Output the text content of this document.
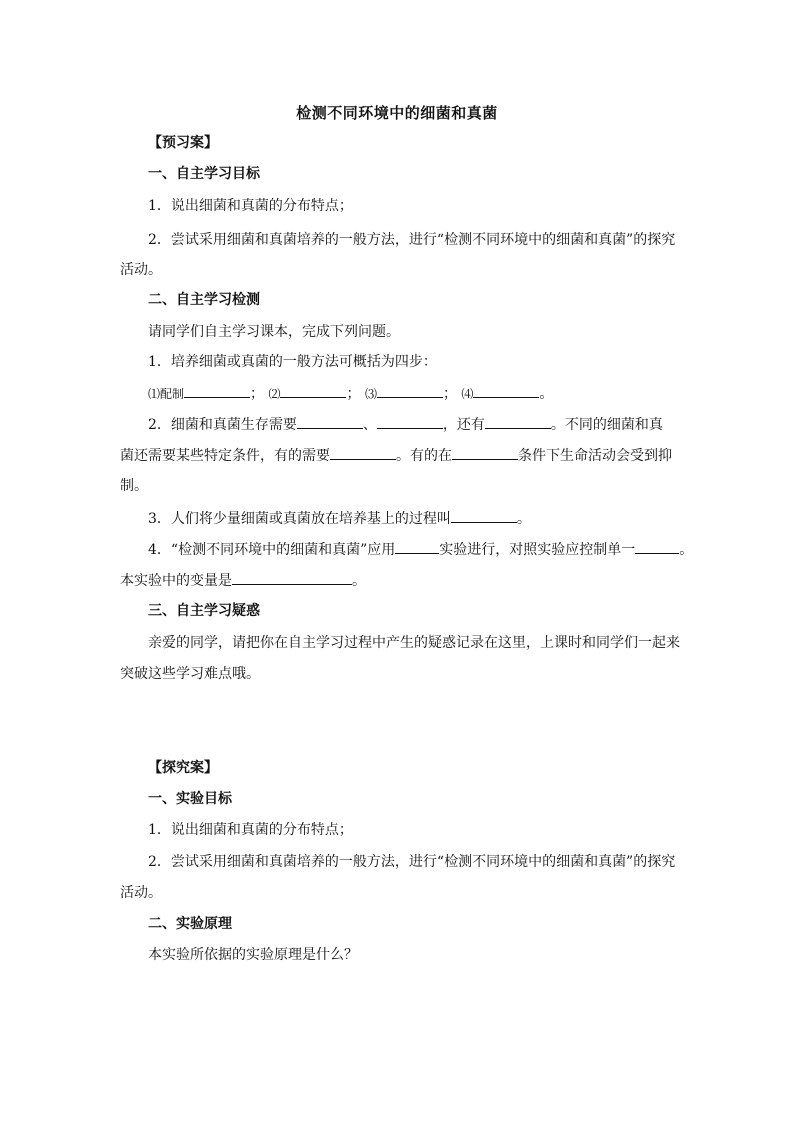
检测不同环境中的细菌和真菌
【预习案】
一、自主学习目标
1．说出细菌和真菌的分布特点；
2．尝试采用细菌和真菌培养的一般方法，进行“检测不同环境中的细菌和真菌”的探究
活动。
二、自主学习检测
请同学们自主学习课本，完成下列问题。
1．培养细菌或真菌的一般方法可概括为四步：
⑴配制	； ⑵	； ⑶	； ⑷	。
2．细菌和真菌生存需要	、	，还有	。不同的细菌和真
菌还需要某些特定条件，有的需要	。有的在	条件下生命活动会受到抑
制。
3．人们将少量细菌或真菌放在培养基上的过程叫	。
4．“检测不同环境中的细菌和真菌”应用	实验进行，对照实验应控制单一	。
本实验中的变量是	。
三、自主学习疑惑
亲爱的同学，请把你在自主学习过程中产生的疑惑记录在这里，上课时和同学们一起来
突破这些学习难点哦。
【探究案】
一、实验目标
1．说出细菌和真菌的分布特点；
2．尝试采用细菌和真菌培养的一般方法，进行“检测不同环境中的细菌和真菌”的探究
活动。
二、实验原理
本实验所依据的实验原理是什么？
